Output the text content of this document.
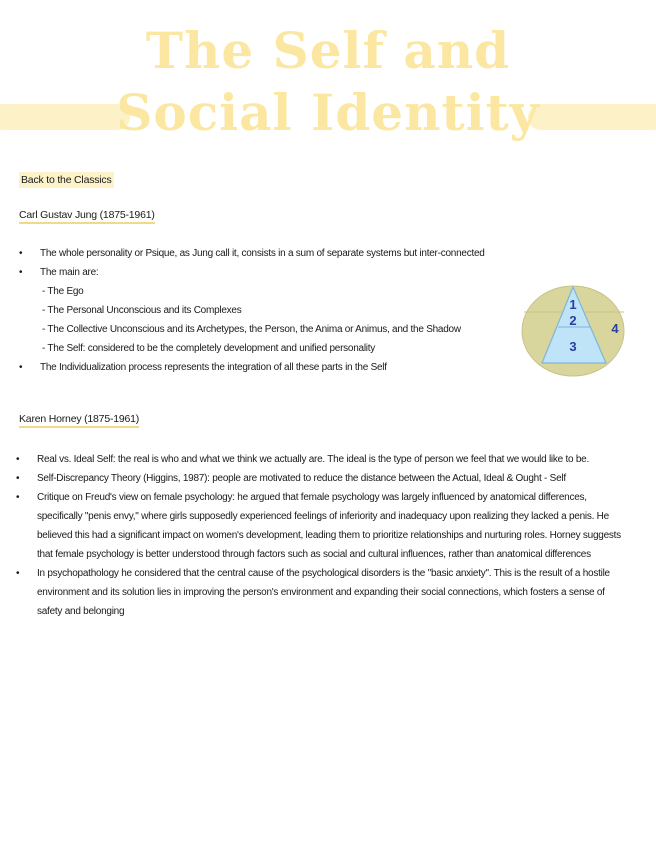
The Self and
Social Identity
Back to the Classics
Carl Gustav Jung (1875-1961)
• The whole personality or Psique, as Jung call it, consists in a sum of separate systems but inter-connected
• The main are:
- The Ego
- The Personal Unconscious and its Complexes
- The Collective Unconscious and its Archetypes, the Person, the Anima or Animus, and the Shadow
- The Self: considered to be the completely development and unified personality
• The Individualization process represents the integration of all these parts in the Self
1
2
3
4
Karen Horney (1875-1961)
• Real vs. Ideal Self: the real is who and what we think we actually are. The ideal is the type of person we feel that we would like to be.
• Self-Discrepancy Theory (Higgins, 1987): people are motivated to reduce the distance between the Actual, Ideal & Ought - Self
• Critique on Freud's view on female psychology: he argued that female psychology was largely influenced by anatomical differences, specifically "penis envy," where girls supposedly experienced feelings of inferiority and inadequacy upon realizing they lacked a penis. He believed this had a significant impact on women's development, leading them to prioritize relationships and nurturing roles. Horney suggests that female psychology is better understood through factors such as social and cultural influences, rather than anatomical differences
• In psychopathology he considered that the central cause of the psychological disorders is the "basic anxiety". This is the result of a hostile environment and its solution lies in improving the person's environment and expanding their social connections, which fosters a sense of safety and belonging
